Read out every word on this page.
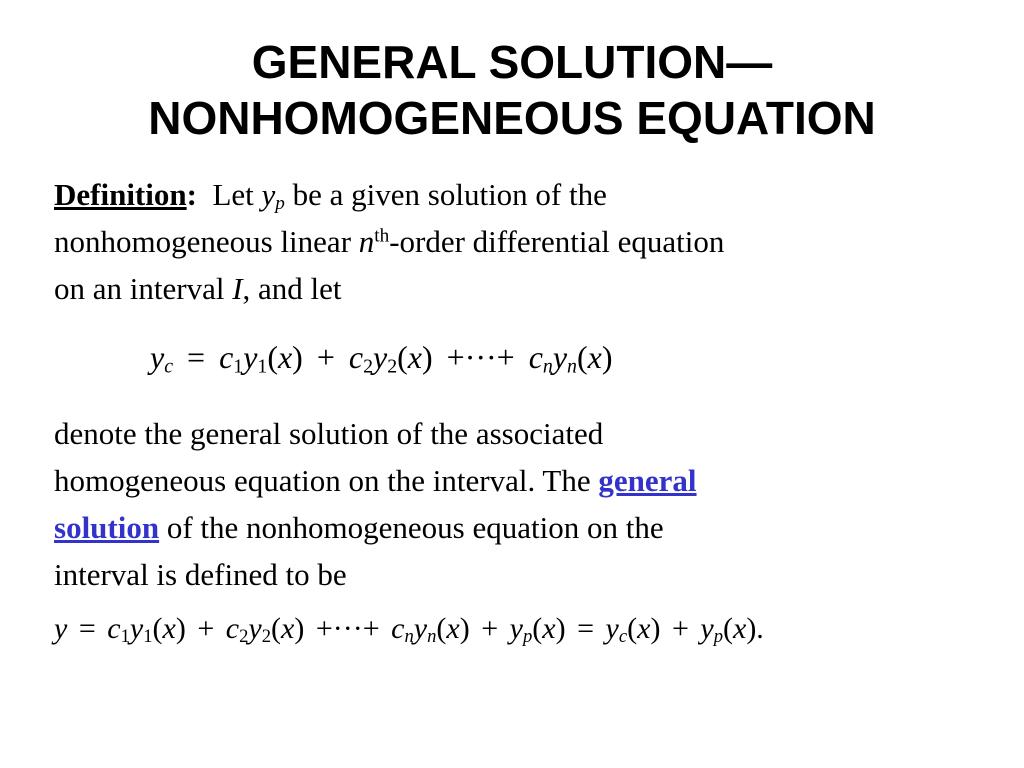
GENERAL SOLUTION—
NONHOMOGENEOUS EQUATION
Definition: Let $y_p$ be a given solution of the
nonhomogeneous linear $n^{th}$-order differential equation
on an interval I, and let
$y_c = c_1y_1(x) + c_2y_2(x)$ +···+ $c_ny_n(x)$
denote the general solution of the associated
homogeneous equation on the interval. The general
solution of the nonhomogeneous equation on the
interval is defined to be
$y = c_1y_1(x) + c_2y_2(x)$ +···+ $c_ny_n(x) + y_p(x) = y_c(x) + y_p(x)$.
